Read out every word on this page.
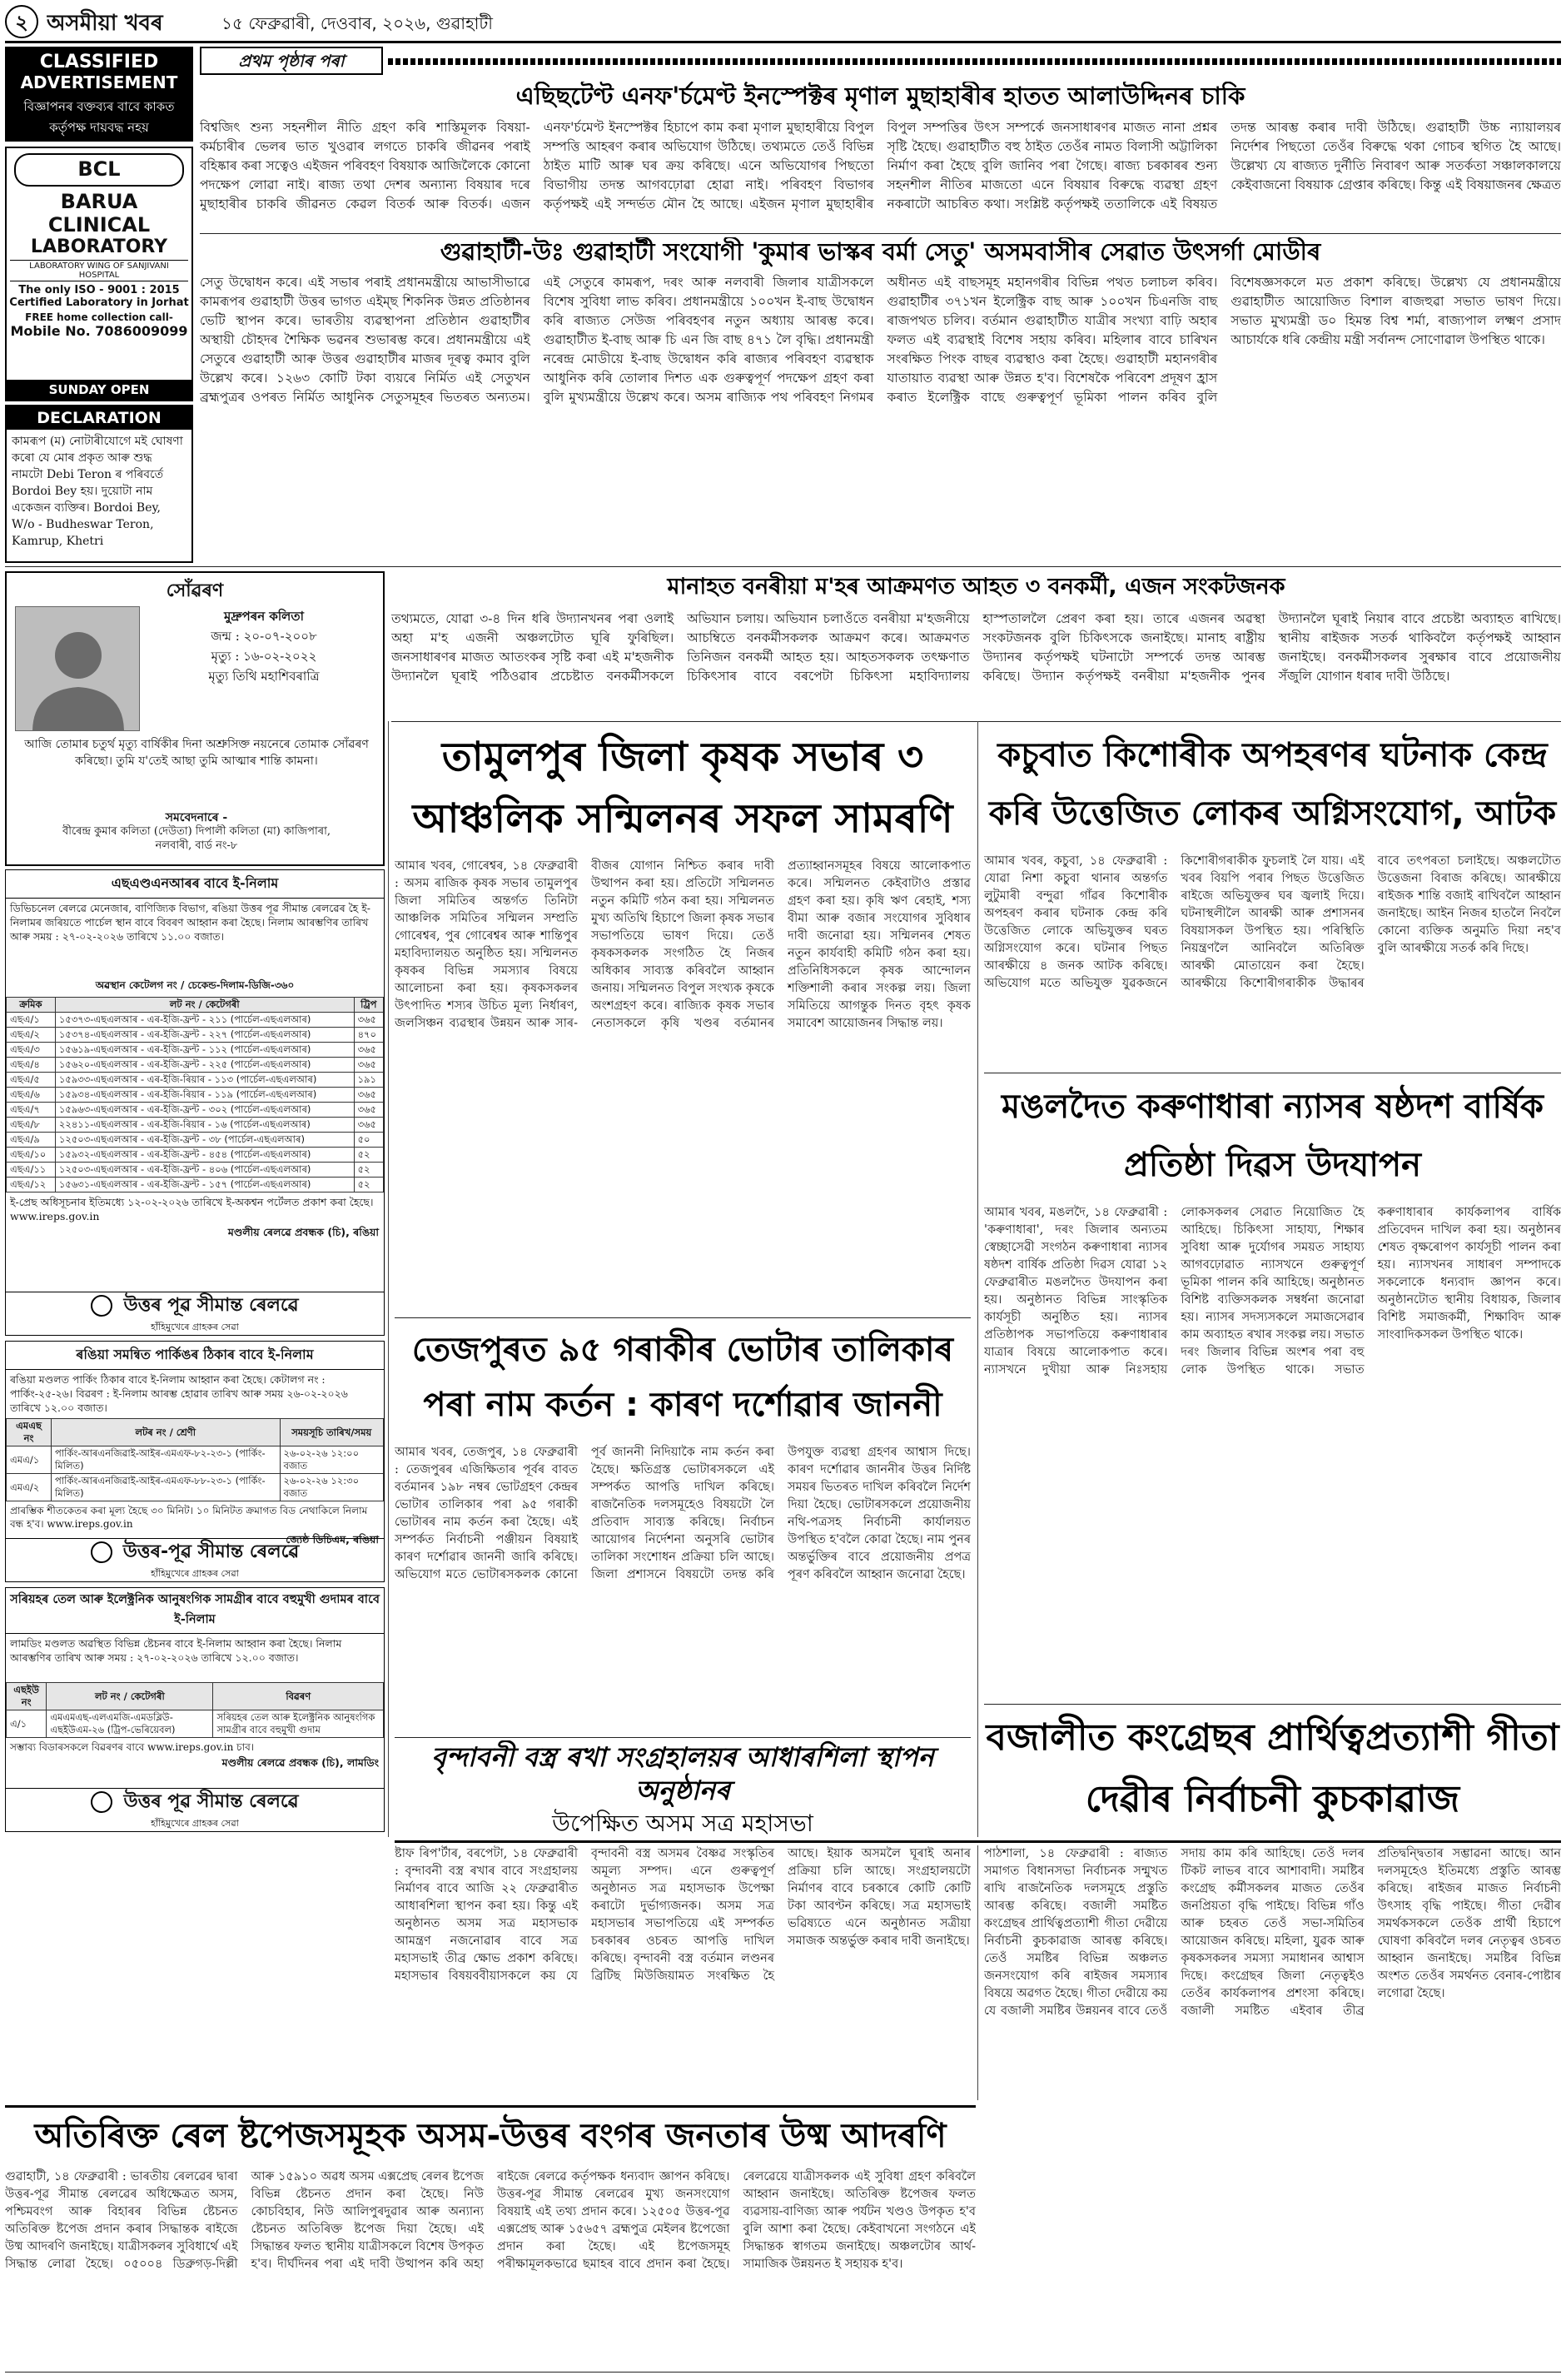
২ অসমীয়া খবৰ	১৫ ফেব্ৰুৱাৰী, দেওবাৰ, ২০২৬, গুৱাহাটী
CLASSIFIED
ADVERTISEMENT
বিজ্ঞাপনৰ বক্তব্যৰ বাবে কাকত কৰ্তৃপক্ষ দায়বদ্ধ নহয়
BCL
BARUA
CLINICAL
LABORATORY
LABORATORY WING OF SANJIVANI HOSPITAL
The only ISO - 9001 : 2015
Certified Laboratory in Jorhat
FREE home collection call-
Mobile No. 7086009099
SUNDAY OPEN
DECLARATION
কামৰূপ (ম) নোটাৰীযোগে মই ঘোষণা কৰো যে মোৰ প্ৰকৃত আৰু শুদ্ধ নামটো Debi Teron ৰ পৰিবৰ্তে Bordoi Bey হয়। দুয়োটা নাম একেজন ব্যক্তিৰ। Bordoi Bey, W/o - Budheswar Teron, Kamrup, Khetri
প্ৰথম পৃষ্ঠাৰ পৰা
এছিছটেণ্ট এনফ'ৰ্চমেণ্ট ইনস্পেক্টৰ মৃণাল মুছাহাৰীৰ হাতত আলাউদ্দিনৰ চাকি
বিশ্বজিৎ শুন্য সহনশীল নীতি গ্ৰহণ কৰি শাস্তিমূলক বিষয়া-কৰ্মচাৰীৰ ভেলৰ ভাত খুওৱাৰ লগতে চাকৰি জীৱনৰ পৰাই বহিষ্কাৰ কৰা সত্বেও এইজন পৰিবহণ বিষয়াক আজিলৈকে কোনো পদক্ষেপ লোৱা নাই। ৰাজ্য তথা দেশৰ অন্যান্য বিষয়াৰ দৰে মুছাহাৰীৰ চাকৰি জীৱনত কেৱল বিতৰ্ক আৰু বিতৰ্ক। এজন এনফ'ৰ্চমেণ্ট ইনস্পেক্টৰ হিচাপে কাম কৰা মৃণাল মুছাহাৰীয়ে বিপুল সম্পত্তি আহৰণ কৰাৰ অভিযোগ উঠিছে। তথ্যমতে তেওঁ বিভিন্ন ঠাইত মাটি আৰু ঘৰ ক্ৰয় কৰিছে। এনে অভিযোগৰ পিছতো বিভাগীয় তদন্ত আগবঢ়োৱা হোৱা নাই। পৰিবহণ বিভাগৰ কৰ্তৃপক্ষই এই সন্দৰ্ভত মৌন হৈ আছে। এইজন মৃণাল মুছাহাৰীৰ বিপুল সম্পত্তিৰ উৎস সম্পৰ্কে জনসাধাৰণৰ মাজত নানা প্ৰশ্নৰ সৃষ্টি হৈছে। গুৱাহাটীত বহু ঠাইত তেওঁৰ নামত বিলাসী অট্টালিকা নিৰ্মাণ কৰা হৈছে বুলি জানিব পৰা গৈছে। ৰাজ্য চৰকাৰৰ শুন্য সহনশীল নীতিৰ মাজতো এনে বিষয়াৰ বিৰুদ্ধে ব্যৱস্থা গ্ৰহণ নকৰাটো আচৰিত কথা। সংশ্লিষ্ট কৰ্তৃপক্ষই ততালিকে এই বিষয়ত তদন্ত আৰম্ভ কৰাৰ দাবী উঠিছে। গুৱাহাটী উচ্চ ন্যায়ালয়ৰ নিৰ্দেশৰ পিছতো তেওঁৰ বিৰুদ্ধে থকা গোচৰ স্থগিত হৈ আছে। উল্লেখ্য যে ৰাজ্যত দুৰ্নীতি নিবাৰণ আৰু সতৰ্কতা সঞ্চালকালয়ে কেইবাজনো বিষয়াক গ্ৰেপ্তাৰ কৰিছে। কিন্তু এই বিষয়াজনৰ ক্ষেত্ৰত
গুৱাহাটী-উঃ গুৱাহাটী সংযোগী 'কুমাৰ ভাস্কৰ বৰ্মা সেতু' অসমবাসীৰ সেৱাত উৎসৰ্গা মোডীৰ
সেতু উদ্বোধন কৰে। এই সভাৰ পৰাই প্ৰধানমন্ত্ৰীয়ে আভাসীভাৱে কামৰূপৰ গুৱাহাটী উত্তৰ ভাগত এইম্‌ছ শিকনিক উন্নত প্ৰতিষ্ঠানৰ ভেটি স্থাপন কৰে। ভাৰতীয় ব্যৱস্থাপনা প্ৰতিষ্ঠান গুৱাহাটীৰ অস্থায়ী চৌহদৰ শৈক্ষিক ভৱনৰ শুভাৰম্ভ কৰে। প্ৰধানমন্ত্ৰীয়ে এই সেতুৰে গুৱাহাটী আৰু উত্তৰ গুৱাহাটীৰ মাজৰ দূৰত্ব কমাব বুলি উল্লেখ কৰে। ১২৬৩ কোটি টকা ব্যয়ৰে নিৰ্মিত এই সেতুখন ব্ৰহ্মপুত্ৰৰ ওপৰত নিৰ্মিত আধুনিক সেতুসমূহৰ ভিতৰত অন্যতম। এই সেতুৰে কামৰূপ, দৰং আৰু নলবাৰী জিলাৰ যাত্ৰীসকলে বিশেষ সুবিধা লাভ কৰিব। প্ৰধানমন্ত্ৰীয়ে ১০০খন ই-বাছ উদ্বোধন কৰি ৰাজ্যত সেউজ পৰিবহণৰ নতুন অধ্যায় আৰম্ভ কৰে। গুৱাহাটীত ই-বাছ আৰু চি এন জি বাছ ৪৭১ লৈ বৃদ্ধি। প্ৰধানমন্ত্ৰী নৰেন্দ্ৰ মোডীয়ে ই-বাছ উদ্বোধন কৰি ৰাজ্যৰ পৰিবহণ ব্যৱস্থাক আধুনিক কৰি তোলাৰ দিশত এক গুৰুত্বপূৰ্ণ পদক্ষেপ গ্ৰহণ কৰা বুলি মুখ্যমন্ত্ৰীয়ে উল্লেখ কৰে। অসম ৰাজ্যিক পথ পৰিবহণ নিগমৰ অধীনত এই বাছসমূহ মহানগৰীৰ বিভিন্ন পথত চলাচল কৰিব। গুৱাহাটীৰ ৩৭১খন ইলেক্ট্ৰিক বাছ আৰু ১০০খন চিএনজি বাছ ৰাজপথত চলিব। বৰ্তমান গুৱাহাটীত যাত্ৰীৰ সংখ্যা বাঢ়ি অহাৰ ফলত এই ব্যৱস্থাই বিশেষ সহায় কৰিব। মহিলাৰ বাবে চাৰিখন সংৰক্ষিত পিংক বাছৰ ব্যৱস্থাও কৰা হৈছে। গুৱাহাটী মহানগৰীৰ যাতায়াত ব্যৱস্থা আৰু উন্নত হ'ব। বিশেষকৈ পৰিবেশ প্ৰদূষণ হ্ৰাস কৰাত ইলেক্ট্ৰিক বাছে গুৰুত্বপূৰ্ণ ভূমিকা পালন কৰিব বুলি বিশেষজ্ঞসকলে মত প্ৰকাশ কৰিছে। উল্লেখ্য যে প্ৰধানমন্ত্ৰীয়ে গুৱাহাটীত আয়োজিত বিশাল ৰাজহুৱা সভাত ভাষণ দিয়ে। সভাত মুখ্যমন্ত্ৰী ড০ হিমন্ত বিশ্ব শৰ্মা, ৰাজ্যপাল লক্ষ্মণ প্ৰসাদ আচাৰ্যকে ধৰি কেন্দ্ৰীয় মন্ত্ৰী সৰ্বানন্দ সোণোৱাল উপস্থিত থাকে।
মানাহত বনৰীয়া ম'হৰ আক্ৰমণত আহত ৩ বনকৰ্মী, এজন সংকটজনক
সোঁৱৰণ
মুদ্ৰুপৰন কলিতা
জন্ম : ২০-০৭-২০০৮
মৃত্যু : ১৬-০২-২০২২
মৃত্যু তিথি মহাশিবৰাত্ৰি
আজি তোমাৰ চতুৰ্থ মৃত্যু বাৰ্ষিকীৰ দিনা অশ্ৰুসিক্ত নয়নেৰে তোমাক সোঁৱৰণ কৰিছো। তুমি য'তেই আছা তুমি আত্মাৰ শান্তি কামনা।
সমবেদনাৰে -
বীৰেন্দ্ৰ কুমাৰ কলিতা (দেউতা) দিপালী কলিতা (মা) কাজিপাৰা, নলবাৰী, বাৰ্ড নং-৮
তথ্যমতে, যোৱা ৩-৪ দিন ধৰি উদ্যানখনৰ পৰা ওলাই অহা ম'হ এজনী অঞ্চলটোত ঘূৰি ফুৰিছিল। জনসাধাৰণৰ মাজত আতংকৰ সৃষ্টি কৰা এই ম'হজনীক উদ্যানলৈ ঘূৰাই পঠিওৱাৰ প্ৰচেষ্টাত বনকৰ্মীসকলে অভিযান চলায়। অভিযান চলাওঁতে বনৰীয়া ম'হজনীয়ে আচম্বিতে বনকৰ্মীসকলক আক্ৰমণ কৰে। আক্ৰমণত তিনিজন বনকৰ্মী আহত হয়। আহতসকলক তৎক্ষণাত চিকিৎসাৰ বাবে বৰপেটা চিকিৎসা মহাবিদ্যালয় হাস্পতাললৈ প্ৰেৰণ কৰা হয়। তাৰে এজনৰ অৱস্থা সংকটজনক বুলি চিকিৎসকে জনাইছে। মানাহ ৰাষ্ট্ৰীয় উদ্যানৰ কৰ্তৃপক্ষই ঘটনাটো সম্পৰ্কে তদন্ত আৰম্ভ কৰিছে। উদ্যান কৰ্তৃপক্ষই বনৰীয়া ম'হজনীক পুনৰ উদ্যানলৈ ঘূৰাই নিয়াৰ বাবে প্ৰচেষ্টা অব্যাহত ৰাখিছে। স্থানীয় ৰাইজক সতৰ্ক থাকিবলৈ কৰ্তৃপক্ষই আহ্বান জনাইছে। বনকৰ্মীসকলৰ সুৰক্ষাৰ বাবে প্ৰয়োজনীয় সঁজুলি যোগান ধৰাৰ দাবী উঠিছে।
এছএণ্ডএনআৰৰ বাবে ই-নিলাম
ডিভিচনেল ৰেলৱে মেনেজাৰ, বাণিজ্যিক বিভাগ, ৰঙিয়া উত্তৰ পূৱ সীমান্ত ৰেলৱেৰ হৈ ই-নিলামৰ জৰিয়তে পাৰ্চেল স্থান বাবে বিবৰণ আহ্বান কৰা হৈছে। নিলাম আৰম্ভণিৰ তাৰিখ আৰু সময় : ২৭-০২-২০২৬ তাৰিখে ১১.০০ বজাত।
অৱস্থান কেটেলগ নং / চেকেন্ড-দিলাম-ডিজি-৩৬০
ক্ৰমিক	লট নং / কেটেগৰী	ট্ৰিপ
এছএ/১	১৫৩৭৩-এছএলআৰ - এৰ-ইজি-ফ্ৰন্ট - ২১১ (পাৰ্চেল-এছএলআৰ)	৩৬৫
এছএ/২	১৫৩৭৪-এছএলআৰ - এৰ-ইজি-ফ্ৰন্ট - ২২৭ (পাৰ্চেল-এছএলআৰ)	৪৭০
এছএ/৩	১৫৬১৯-এছএলআৰ - এৰ-ইজি-ফ্ৰন্ট - ১১২ (পাৰ্চেল-এছএলআৰ)	৩৬৫
এছএ/৪	১৫৬২০-এছএলআৰ - এৰ-ইজি-ফ্ৰন্ট - ২২৫ (পাৰ্চেল-এছএলআৰ)	৩৬৫
এছএ/৫	১৫৯৩৩-এছএলআৰ - এৰ-ইজি-ৰিয়াৰ - ১১৩ (পাৰ্চেল-এছএলআৰ)	১৯১
এছএ/৬	১৫৯৩৪-এছএলআৰ - এৰ-ইজি-ৰিয়াৰ - ১১৯ (পাৰ্চেল-এছএলআৰ)	৩৬৫
এছএ/৭	১৫৯৬৩-এছএলআৰ - এৰ-ইজি-ফ্ৰন্ট - ৩০২ (পাৰ্চেল-এছএলআৰ)	৩৬৫
এছএ/৮	২২৪১১-এছএলআৰ - এৰ-ইজি-ৰিয়াৰ - ১৬ (পাৰ্চেল-এছএলআৰ)	৩৬৫
এছএ/৯	১২৫০৩-এছএলআৰ - এৰ-ইজি-ফ্ৰন্ট - ৩৮ (পাৰ্চেল-এছএলআৰ)	৫০
এছএ/১০	১৫৯৩২-এছএলআৰ - এৰ-ইজি-ফ্ৰন্ট - ৪৫৪ (পাৰ্চেল-এছএলআৰ)	৫২
এছএ/১১	১২৫০৩-এছএলআৰ - এৰ-ইজি-ফ্ৰন্ট - ৪০৬ (পাৰ্চেল-এছএলআৰ)	৫২
এছএ/১২	১৫৬৩১-এছএলআৰ - এৰ-ইজি-ফ্ৰন্ট - ১৫৭ (পাৰ্চেল-এছএলআৰ)	৫২
ই-প্ৰেছ অধিসূচনাৰ ইতিমধ্যে ১২-০২-২০২৬ তাৰিখে ই-অকশ্বন পৰ্টেলত প্ৰকাশ কৰা হৈছে। www.ireps.gov.in
মণ্ডলীয় ৰেলৱে প্ৰবন্ধক (চি), ৰঙিয়া
উত্তৰ পূৱ সীমান্ত ৰেলৱে
হাঁহিমুখেৰে গ্ৰাহকৰ সেৱা
ৰঙিয়া সমন্বিত পাৰ্কিঙৰ ঠিকাৰ বাবে ই-নিলাম
ৰঙিয়া মণ্ডলত পাৰ্কিং ঠিকাৰ বাবে ই-নিলাম আহ্বান কৰা হৈছে। কেটালগ নং : পাৰ্কিং-২৫-২৬। বিৱৰণ : ই-নিলাম আৰম্ভ হোৱাৰ তাৰিখ আৰু সময় ২৬-০২-২০২৬ তাৰিখে ১২.০০ বজাত।
এমএছ নং	লটৰ নং / শ্ৰেণী	সময়সূচি তাৰিখ/সময়
এমএ/১	পাৰ্কিং-আৰএনজিৱাই-আইৰ-এমএফ-৮২-২৩-১ (পাৰ্কিং-মিলিত)	২৬-০২-২৬ ১২:০০ বজাত
এমএ/২	পাৰ্কিং-আৰএনজিৱাই-আইৰ-এমএফ-৮৮-২৩-১ (পাৰ্কিং-মিলিত)	২৬-০২-২৬ ১২:৩০ বজাত
প্ৰাৰম্ভিক শীতকেতৰ কৰা মূল্য হৈছে ৩০ মিনিট। ১০ মিনিটত ক্ৰমাগত বিড নেথাকিলে নিলাম বন্ধ হ'ব। www.ireps.gov.in
জ্যেষ্ঠ ডিচিএম, ৰঙিয়া
উত্তৰ-পূৱ সীমান্ত ৰেলৱে
হাঁহিমুখেৰে গ্ৰাহকৰ সেৱা
সৰিয়হৰ তেল আৰু ইলেক্ট্ৰনিক আনুষংগিক সামগ্ৰীৰ বাবে বহুমুখী গুদামৰ বাবে ই-নিলাম
লামডিং মণ্ডলত অৱস্থিত বিভিন্ন ষ্টেচনৰ বাবে ই-নিলাম আহ্বান কৰা হৈছে। নিলাম আৰম্ভণিৰ তাৰিখ আৰু সময় : ২৭-০২-২০২৬ তাৰিখে ১২.০০ বজাত।
এছইউ নং	লট নং / কেটেগৰী	বিৱৰণ
এ/১	এমএমএছ-এলএমজি-এমডব্লিউ-এছইউএম-২৬ (ট্ৰিপ-ভেৰিয়েবল)	সৰিয়হৰ তেল আৰু ইলেক্ট্ৰনিক আনুষংগিক সামগ্ৰীৰ বাবে বহুমুখী গুদাম
সম্ভাব্য বিডাৰসকলে বিৱৰণৰ বাবে www.ireps.gov.in চাব।
মণ্ডলীয় ৰেলৱে প্ৰবন্ধক (চি), লামডিং
উত্তৰ পূৱ সীমান্ত ৰেলৱে
হাঁহিমুখেৰে গ্ৰাহকৰ সেৱা
তামুলপুৰ জিলা কৃষক সভাৰ ৩ আঞ্চলিক সন্মিলনৰ সফল সামৰণি
আমাৰ খবৰ, গোৰেশ্বৰ, ১৪ ফেব্ৰুৱাৰী : অসম ৰাজিক কৃষক সভাৰ তামুলপুৰ জিলা সমিতিৰ অন্তৰ্গত তিনিটা আঞ্চলিক সমিতিৰ সন্মিলন সম্প্ৰতি গোৰেশ্বৰ, পুৰ গোৰেশ্বৰ আৰু শান্তিপুৰ মহাবিদ্যালয়ত অনুষ্ঠিত হয়। সন্মিলনত কৃষকৰ বিভিন্ন সমস্যাৰ বিষয়ে আলোচনা কৰা হয়। কৃষকসকলৰ উৎপাদিত শস্যৰ উচিত মূল্য নিৰ্ধাৰণ, জলসিঞ্চন ব্যৱস্থাৰ উন্নয়ন আৰু সাৰ-বীজৰ যোগান নিশ্চিত কৰাৰ দাবী উত্থাপন কৰা হয়। প্ৰতিটো সন্মিলনত নতুন কমিটি গঠন কৰা হয়। সন্মিলনত মুখ্য অতিথি হিচাপে জিলা কৃষক সভাৰ সভাপতিয়ে ভাষণ দিয়ে। তেওঁ কৃষকসকলক সংগঠিত হৈ নিজৰ অধিকাৰ সাব্যস্ত কৰিবলৈ আহ্বান জনায়। সন্মিলনত বিপুল সংখ্যক কৃষকে অংশগ্ৰহণ কৰে। ৰাজ্যিক কৃষক সভাৰ নেতাসকলে কৃষি খণ্ডৰ বৰ্তমানৰ প্ৰত্যাহ্বানসমূহৰ বিষয়ে আলোকপাত কৰে। সন্মিলনত কেইবাটাও প্ৰস্তাৱ গ্ৰহণ কৰা হয়। কৃষি ঋণ ৰেহাই, শস্য বীমা আৰু বজাৰ সংযোগৰ সুবিধাৰ দাবী জনোৱা হয়। সন্মিলনৰ শেষত নতুন কাৰ্যবাহী কমিটি গঠন কৰা হয়। প্ৰতিনিধিসকলে কৃষক আন্দোলন শক্তিশালী কৰাৰ সংকল্প লয়। জিলা সমিতিয়ে আগন্তুক দিনত বৃহৎ কৃষক সমাবেশ আয়োজনৰ সিদ্ধান্ত লয়।
তেজপুৰত ৯৫ গৰাকীৰ ভোটাৰ তালিকাৰ পৰা নাম কৰ্তন : কাৰণ দৰ্শোৱাৰ জাননী
আমাৰ খবৰ, তেজপুৰ, ১৪ ফেব্ৰুৱাৰী : তেজপুৰৰ এজিক্ষিতাৰ পূৰ্বৰ বাবত বৰ্তমানৰ ১৯৮ নম্বৰ ভোটগ্ৰহণ কেন্দ্ৰৰ ভোটাৰ তালিকাৰ পৰা ৯৫ গৰাকী ভোটাৰৰ নাম কৰ্তন কৰা হৈছে। এই সম্পৰ্কত নিৰ্বাচনী পঞ্জীয়ন বিষয়াই কাৰণ দৰ্শোৱাৰ জাননী জাৰি কৰিছে। অভিযোগ মতে ভোটাৰসকলক কোনো পূৰ্ব জাননী নিদিয়াকৈ নাম কৰ্তন কৰা হৈছে। ক্ষতিগ্ৰস্ত ভোটাৰসকলে এই সম্পৰ্কত আপত্তি দাখিল কৰিছে। ৰাজনৈতিক দলসমূহেও বিষয়টো লৈ প্ৰতিবাদ সাব্যস্ত কৰিছে। নিৰ্বাচন আয়োগৰ নিৰ্দেশনা অনুসৰি ভোটাৰ তালিকা সংশোধন প্ৰক্ৰিয়া চলি আছে। জিলা প্ৰশাসনে বিষয়টো তদন্ত কৰি উপযুক্ত ব্যৱস্থা গ্ৰহণৰ আশ্বাস দিছে। কাৰণ দৰ্শোৱাৰ জাননীৰ উত্তৰ নিৰ্দিষ্ট সময়ৰ ভিতৰত দাখিল কৰিবলৈ নিৰ্দেশ দিয়া হৈছে। ভোটাৰসকলে প্ৰয়োজনীয় নথি-পত্ৰসহ নিৰ্বাচনী কাৰ্যালয়ত উপস্থিত হ'বলৈ কোৱা হৈছে। নাম পুনৰ অন্তৰ্ভুক্তিৰ বাবে প্ৰয়োজনীয় প্ৰপত্ৰ পূৰণ কৰিবলৈ আহ্বান জনোৱা হৈছে।
বৃন্দাবনী বস্ত্ৰ ৰখা সংগ্ৰহালয়ৰ আধাৰশিলা স্থাপন অনুষ্ঠানৰ
উপেক্ষিত অসম সত্ৰ মহাসভা
কচুবাত কিশোৰীক অপহৰণৰ ঘটনাক কেন্দ্ৰ কৰি উত্তেজিত লোকৰ অগ্নিসংযোগ, আটক
আমাৰ খবৰ, কচুবা, ১৪ ফেব্ৰুৱাৰী : যোৱা নিশা কচুবা থানাৰ অন্তৰ্গত লুটুমাৰী বন্দুৱা গাঁৱৰ কিশোৰীক অপহৰণ কৰাৰ ঘটনাক কেন্দ্ৰ কৰি উত্তেজিত লোকে অভিযুক্তৰ ঘৰত অগ্নিসংযোগ কৰে। ঘটনাৰ পিছত আৰক্ষীয়ে ৪ জনক আটক কৰিছে। অভিযোগ মতে অভিযুক্ত যুৱকজনে কিশোৰীগৰাকীক ফুচলাই লৈ যায়। এই খবৰ বিয়পি পৰাৰ পিছত উত্তেজিত ৰাইজে অভিযুক্তৰ ঘৰ জ্বলাই দিয়ে। ঘটনাস্থলীলৈ আৰক্ষী আৰু প্ৰশাসনৰ বিষয়াসকল উপস্থিত হয়। পৰিস্থিতি নিয়ন্ত্ৰণলৈ আনিবলৈ অতিৰিক্ত আৰক্ষী মোতায়েন কৰা হৈছে। আৰক্ষীয়ে কিশোৰীগৰাকীক উদ্ধাৰৰ বাবে তৎপৰতা চলাইছে। অঞ্চলটোত উত্তেজনা বিৰাজ কৰিছে। আৰক্ষীয়ে ৰাইজক শান্তি বজাই ৰাখিবলৈ আহ্বান জনাইছে। আইন নিজৰ হাতলৈ নিবলৈ কোনো ব্যক্তিক অনুমতি দিয়া নহ'ব বুলি আৰক্ষীয়ে সতৰ্ক কৰি দিছে।
মঙলদৈত কৰুণাধাৰা ন্যাসৰ ষষ্ঠদশ বাৰ্ষিক প্ৰতিষ্ঠা দিৱস উদযাপন
আমাৰ খবৰ, মঙলদৈ, ১৪ ফেব্ৰুৱাৰী : 'কৰুণাধাৰা', দৰং জিলাৰ অন্যতম স্বেচ্ছাসেৱী সংগঠন কৰুণাধাৰা ন্যাসৰ ষষ্ঠদশ বাৰ্ষিক প্ৰতিষ্ঠা দিৱস যোৱা ১২ ফেব্ৰুৱাৰীত মঙলদৈত উদযাপন কৰা হয়। অনুষ্ঠানত বিভিন্ন সাংস্কৃতিক কাৰ্যসূচী অনুষ্ঠিত হয়। ন্যাসৰ প্ৰতিষ্ঠাপক সভাপতিয়ে কৰুণাধাৰাৰ যাত্ৰাৰ বিষয়ে আলোকপাত কৰে। ন্যাসখনে দুখীয়া আৰু নিঃসহায় লোকসকলৰ সেৱাত নিয়োজিত হৈ আহিছে। চিকিৎসা সাহায্য, শিক্ষাৰ সুবিধা আৰু দুৰ্যোগৰ সময়ত সাহায্য আগবঢ়োৱাত ন্যাসখনে গুৰুত্বপূৰ্ণ ভূমিকা পালন কৰি আহিছে। অনুষ্ঠানত বিশিষ্ট ব্যক্তিসকলক সম্বৰ্ধনা জনোৱা হয়। ন্যাসৰ সদস্যসকলে সমাজসেৱাৰ কাম অব্যাহত ৰখাৰ সংকল্প লয়। সভাত দৰং জিলাৰ বিভিন্ন অংশৰ পৰা বহু লোক উপস্থিত থাকে। সভাত কৰুণাধাৰাৰ কাৰ্যকলাপৰ বাৰ্ষিক প্ৰতিবেদন দাখিল কৰা হয়। অনুষ্ঠানৰ শেষত বৃক্ষৰোপণ কাৰ্যসূচী পালন কৰা হয়। ন্যাসখনৰ সাধাৰণ সম্পাদকে সকলোকে ধন্যবাদ জ্ঞাপন কৰে। অনুষ্ঠানটোত স্থানীয় বিধায়ক, জিলাৰ বিশিষ্ট সমাজকৰ্মী, শিক্ষাবিদ আৰু সাংবাদিকসকল উপস্থিত থাকে।
বজালীত কংগ্ৰেছৰ প্ৰাৰ্থিত্বপ্ৰত্যাশী গীতা দেৱীৰ নিৰ্বাচনী কুচকাৱাজ
ষ্টাফ ৰিপ'ৰ্টাৰ, বৰপেটা, ১৪ ফেব্ৰুৱাৰী : বৃন্দাবনী বস্ত্ৰ ৰখাৰ বাবে সংগ্ৰহালয় নিৰ্মাণৰ বাবে আজি ২২ ফেব্ৰুৱাৰীত আধাৰশিলা স্থাপন কৰা হয়। কিন্তু এই অনুষ্ঠানত অসম সত্ৰ মহাসভাক আমন্ত্ৰণ নজনোৱাৰ বাবে সত্ৰ মহাসভাই তীব্ৰ ক্ষোভ প্ৰকাশ কৰিছে। মহাসভাৰ বিষয়ববীয়াসকলে কয় যে বৃন্দাবনী বস্ত্ৰ অসমৰ বৈষ্ণৱ সংস্কৃতিৰ অমূল্য সম্পদ। এনে গুৰুত্বপূৰ্ণ অনুষ্ঠানত সত্ৰ মহাসভাক উপেক্ষা কৰাটো দুৰ্ভাগ্যজনক। অসম সত্ৰ মহাসভাৰ সভাপতিয়ে এই সম্পৰ্কত চৰকাৰৰ ওচৰত আপত্তি দাখিল কৰিছে। বৃন্দাবনী বস্ত্ৰ বৰ্তমান লণ্ডনৰ ব্ৰিটিছ মিউজিয়ামত সংৰক্ষিত হৈ আছে। ইয়াক অসমলৈ ঘূৰাই অনাৰ প্ৰক্ৰিয়া চলি আছে। সংগ্ৰহালয়টো নিৰ্মাণৰ বাবে চৰকাৰে কোটি কোটি টকা আবণ্টন কৰিছে। সত্ৰ মহাসভাই ভৱিষ্যতে এনে অনুষ্ঠানত সত্ৰীয়া সমাজক অন্তৰ্ভুক্ত কৰাৰ দাবী জনাইছে।
পাঠশালা, ১৪ ফেব্ৰুৱাৰী : ৰাজ্যত সমাগত বিধানসভা নিৰ্বাচনক সন্মুখত ৰাখি ৰাজনৈতিক দলসমূহে প্ৰস্তুতি আৰম্ভ কৰিছে। বজালী সমষ্টিত কংগ্ৰেছৰ প্ৰাৰ্থিত্বপ্ৰত্যাশী গীতা দেৱীয়ে নিৰ্বাচনী কুচকাৱাজ আৰম্ভ কৰিছে। তেওঁ সমষ্টিৰ বিভিন্ন অঞ্চলত জনসংযোগ কৰি ৰাইজৰ সমস্যাৰ বিষয়ে অৱগত হৈছে। গীতা দেৱীয়ে কয় যে বজালী সমষ্টিৰ উন্নয়নৰ বাবে তেওঁ সদায় কাম কৰি আহিছে। তেওঁ দলৰ টিকট লাভৰ বাবে আশাবাদী। সমষ্টিৰ কংগ্ৰেছ কৰ্মীসকলৰ মাজত তেওঁৰ জনপ্ৰিয়তা বৃদ্ধি পাইছে। বিভিন্ন গাঁও আৰু চহৰত তেওঁ সভা-সমিতিৰ আয়োজন কৰিছে। মহিলা, যুৱক আৰু কৃষকসকলৰ সমস্যা সমাধানৰ আশ্বাস দিছে। কংগ্ৰেছৰ জিলা নেতৃত্বইও তেওঁৰ কাৰ্যকলাপৰ প্ৰশংসা কৰিছে। বজালী সমষ্টিত এইবাৰ তীব্ৰ প্ৰতিদ্বন্দ্বিতাৰ সম্ভাৱনা আছে। আন দলসমূহেও ইতিমধ্যে প্ৰস্তুতি আৰম্ভ কৰিছে। ৰাইজৰ মাজত নিৰ্বাচনী উৎসাহ বৃদ্ধি পাইছে। গীতা দেৱীৰ সমৰ্থকসকলে তেওঁক প্ৰাৰ্থী হিচাপে ঘোষণা কৰিবলৈ দলৰ নেতৃত্বৰ ওচৰত আহ্বান জনাইছে। সমষ্টিৰ বিভিন্ন অংশত তেওঁৰ সমৰ্থনত বেনাৰ-পোষ্টাৰ লগোৱা হৈছে।
অতিৰিক্ত ৰেল ষ্টপেজসমূহক অসম-উত্তৰ বংগৰ জনতাৰ উষ্ম আদৰণি
গুৱাহাটী, ১৪ ফেব্ৰুৱাৰী : ভাৰতীয় ৰেলৱেৰ দ্বাৰা উত্তৰ-পূৱ সীমান্ত ৰেলৱেৰ অধিক্ষেত্ৰত অসম, পশ্চিমবংগ আৰু বিহাৰৰ বিভিন্ন ষ্টেচনত অতিৰিক্ত ষ্টপেজ প্ৰদান কৰাৰ সিদ্ধান্তক ৰাইজে উষ্ম আদৰণি জনাইছে। যাত্ৰীসকলৰ সুবিধাৰ্থে এই সিদ্ধান্ত লোৱা হৈছে। ০৫০০৪ ডিব্ৰুগড়-দিল্লী আৰু ১৫৯১০ অৱধ অসম এক্সপ্ৰেছ ৰেলৰ ষ্টপেজ বিভিন্ন ষ্টেচনত প্ৰদান কৰা হৈছে। নিউ কোচবিহাৰ, নিউ আলিপুৰদুৱাৰ আৰু অন্যান্য ষ্টেচনত অতিৰিক্ত ষ্টপেজ দিয়া হৈছে। এই সিদ্ধান্তৰ ফলত স্থানীয় যাত্ৰীসকলে বিশেষ উপকৃত হ'ব। দীৰ্ঘদিনৰ পৰা এই দাবী উত্থাপন কৰি অহা ৰাইজে ৰেলৱে কৰ্তৃপক্ষক ধন্যবাদ জ্ঞাপন কৰিছে। উত্তৰ-পূৱ সীমান্ত ৰেলৱেৰ মুখ্য জনসংযোগ বিষয়াই এই তথ্য প্ৰদান কৰে। ১২৫০৫ উত্তৰ-পূৱ এক্সপ্ৰেছ আৰু ১৫৬৫৭ ব্ৰহ্মপুত্ৰ মেইলৰ ষ্টপেজো প্ৰদান কৰা হৈছে। এই ষ্টপেজসমূহ পৰীক্ষামূলকভাৱে ছমাহৰ বাবে প্ৰদান কৰা হৈছে। ৰেলৱেয়ে যাত্ৰীসকলক এই সুবিধা গ্ৰহণ কৰিবলৈ আহ্বান জনাইছে। অতিৰিক্ত ষ্টপেজৰ ফলত ব্যৱসায়-বাণিজ্য আৰু পৰ্যটন খণ্ডও উপকৃত হ'ব বুলি আশা কৰা হৈছে। কেইবাখনো সংগঠনে এই সিদ্ধান্তক স্বাগতম জনাইছে। অঞ্চলটোৰ আৰ্থ-সামাজিক উন্নয়নত ই সহায়ক হ'ব।
